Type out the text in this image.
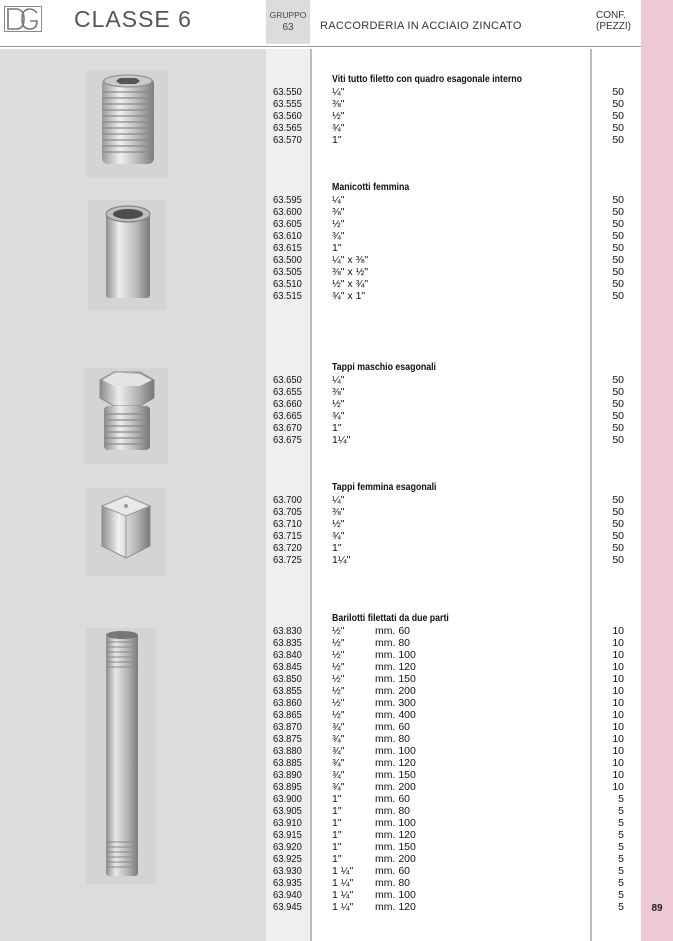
CLASSE 6	GRUPPO
63	RACCORDERIA IN ACCIAIO ZINCATO
CONF.
(PEZZI)
Viti tutto filetto con quadro esagonale interno
63.550	¼"	50
63.555	⅜"	50
63.560	½"	50
63.565	¾"	50
63.570	1"	50
Manicotti femmina
63.595	¼"	50
63.600	⅜"	50
63.605	½"	50
63.610	¾"	50
63.615	1"	50
63.500	¼" x ⅜"	50
63.505	⅜" x ½"	50
63.510	½" x ¾"	50
63.515	¾" x 1"	50
Tappi maschio esagonali
63.650	¼"	50
63.655	⅜"	50
63.660	½"	50
63.665	¾"	50
63.670	1"	50
63.675	1¼"	50
Tappi femmina esagonali
63.700	¼"	50
63.705	⅜"	50
63.710	½"	50
63.715	¾"	50
63.720	1"	50
63.725	1¼"	50
Barilotti filettati da due parti
63.830	½"	mm. 60	10
63.835	½"	mm. 80	10
63.840	½"	mm. 100	10
63.845	½"	mm. 120	10
63.850	½"	mm. 150	10
63.855	½"	mm. 200	10
63.860	½"	mm. 300	10
63.865	½"	mm. 400	10
63.870	¾"	mm. 60	10
63.875	¾"	mm. 80	10
63.880	¾"	mm. 100	10
63.885	¾"	mm. 120	10
63.890	¾"	mm. 150	10
63.895	¾"	mm. 200	10
63.900	1"	mm. 60	5
63.905	1"	mm. 80	5
63.910	1"	mm. 100	5
63.915	1"	mm. 120	5
63.920	1"	mm. 150	5
63.925	1"	mm. 200	5
63.930	1 ¼" mm. 60	5
63.935	1 ¼" mm. 80	5
63.940	1 ¼" mm. 100	5
63.945	1 ¼" mm. 120	5	89
